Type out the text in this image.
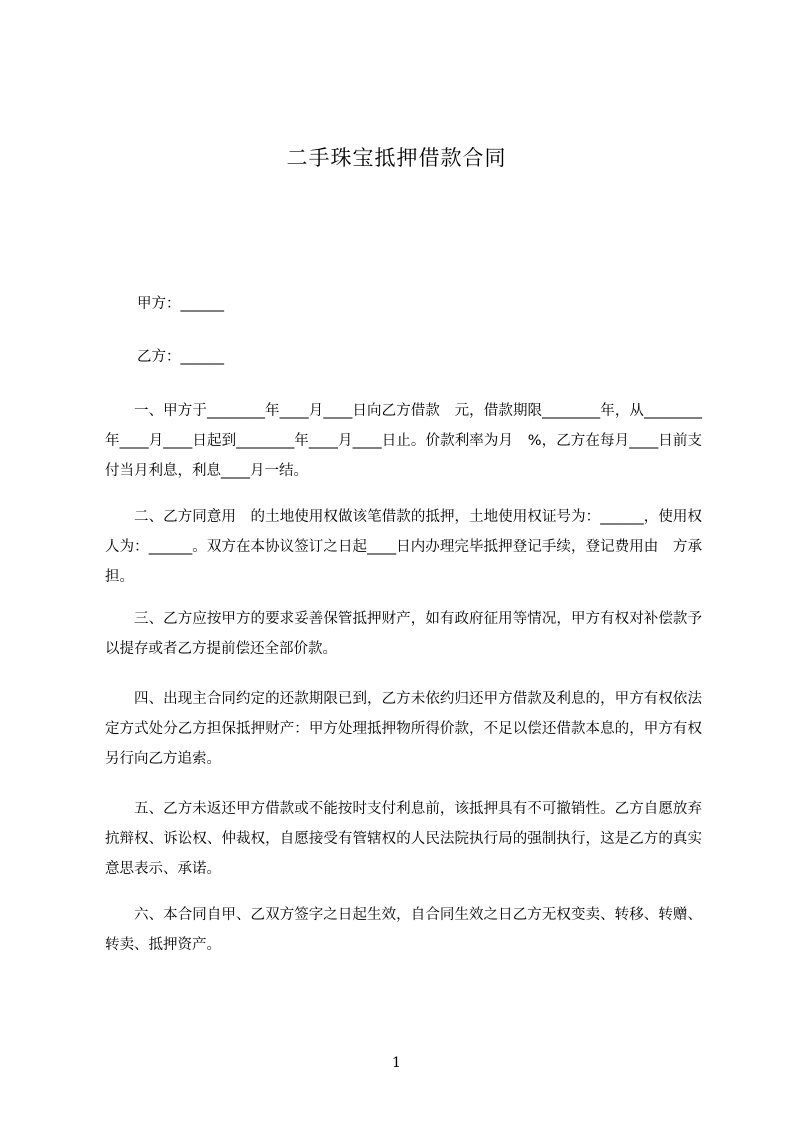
二手珠宝抵押借款合同

甲方：______

乙方：______

一、甲方于________年____月____日向乙方借款　元，借款期限________年，从________年____月____日起到________年____月____日止。价款利率为月　%，乙方在每月____日前支付当月利息，利息____月一结。

二、乙方同意用　的土地使用权做该笔借款的抵押，土地使用权证号为：______，使用权人为：______。双方在本协议签订之日起____日内办理完毕抵押登记手续，登记费用由　方承担。

三、乙方应按甲方的要求妥善保管抵押财产，如有政府征用等情况，甲方有权对补偿款予以提存或者乙方提前偿还全部价款。

四、出现主合同约定的还款期限已到，乙方未依约归还甲方借款及利息的，甲方有权依法定方式处分乙方担保抵押财产：甲方处理抵押物所得价款，不足以偿还借款本息的，甲方有权另行向乙方追索。

五、乙方未返还甲方借款或不能按时支付利息前，该抵押具有不可撤销性。乙方自愿放弃抗辩权、诉讼权、仲裁权，自愿接受有管辖权的人民法院执行局的强制执行，这是乙方的真实意思表示、承诺。

六、本合同自甲、乙双方签字之日起生效，自合同生效之日乙方无权变卖、转移、转赠、转卖、抵押资产。

1
